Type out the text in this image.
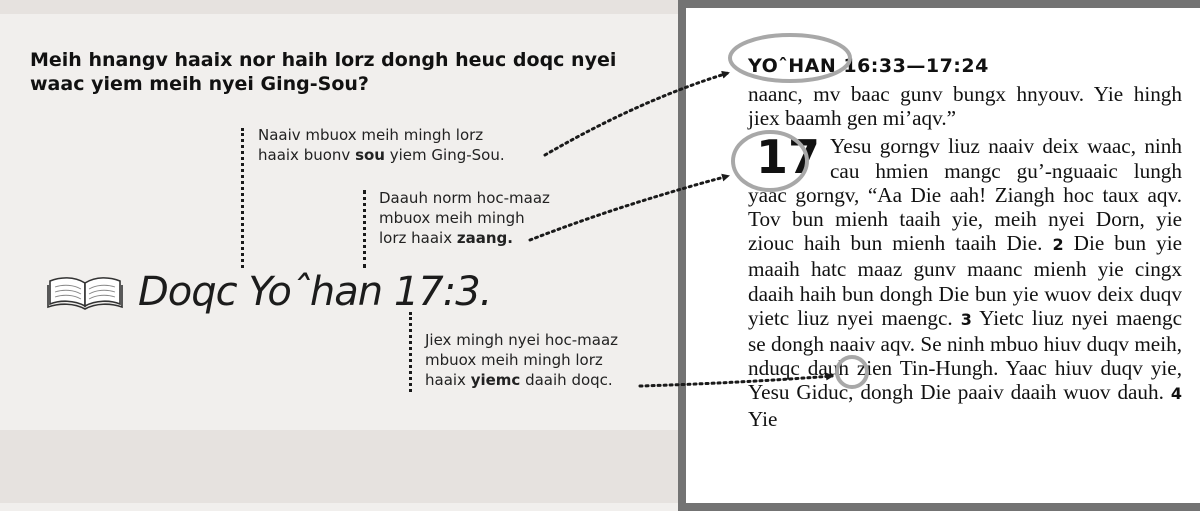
Meih hnangv haaix nor haih lorz dongh heuc doqc nyei waac yiem meih nyei Ging-Sou?

Naaiv mbuox meih mingh lorz
haaix buonv sou yiem Ging-Sou.

Daauh norm hoc-maaz
mbuox meih mingh
lorz haaix zaang.

Doqc Yoˆhan 17:3.

Jiex mingh nyei hoc-maaz
mbuox meih mingh lorz
haaix yiemc daaih doqc.

YOˆHAN 16:33—17:24

naanc, mv baac gunv bungx hnyouv. Yie hingh jiex baamh gen mi’aqv.”

17 Yesu gorngv liuz naaiv deix waac, ninh cau hmien mangc gu’-nguaaic lungh yaac gorngv, “Aa Die aah! Ziangh hoc taux aqv. Tov bun mienh taaih yie, meih nyei Dorn, yie ziouc haih bun mienh taaih Die. 2 Die bun yie maaih hatc maaz gunv maanc mienh yie cingx daaih haih bun dongh Die bun yie wuov deix duqv yietc liuz nyei maengc. 3 Yietc liuz nyei maengc se dongh naaiv aqv. Se ninh mbuo hiuv duqv meih, nduqc dauh zien Tin-Hungh. Yaac hiuv duqv yie, Yesu Giduc, dongh Die paaiv daaih wuov dauh. 4 Yie
